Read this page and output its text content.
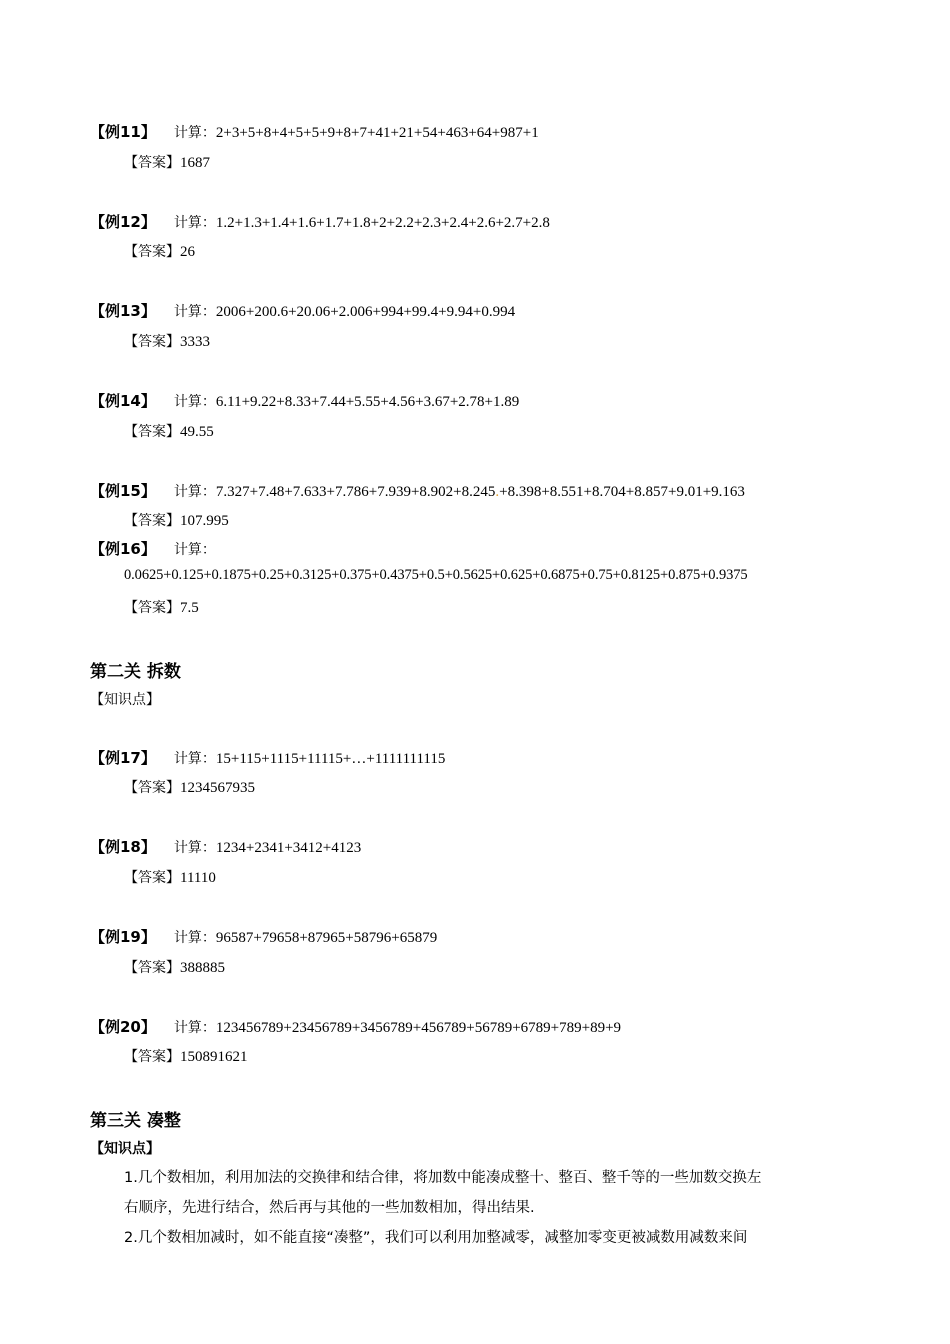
【例11】 计算：2+3+5+8+4+5+5+9+8+7+41+21+54+463+64+987+1
【答案】1687
【例12】 计算：1.2+1.3+1.4+1.6+1.7+1.8+2+2.2+2.3+2.4+2.6+2.7+2.8
【答案】26
【例13】 计算：2006+200.6+20.06+2.006+994+99.4+9.94+0.994
【答案】3333
【例14】 计算：6.11+9.22+8.33+7.44+5.55+4.56+3.67+2.78+1.89
【答案】49.55
【例15】 计算：7.327+7.48+7.633+7.786+7.939+8.902+8.245.+8.398+8.551+8.704+8.857+9.01+9.163
【答案】107.995
【例16】 计算：
0.0625+0.125+0.1875+0.25+0.3125+0.375+0.4375+0.5+0.5625+0.625+0.6875+0.75+0.8125+0.875+0.9375
【答案】7.5
第二关 拆数
【知识点】
【例17】 计算：15+115+1115+11115+…+1111111115
【答案】1234567935
【例18】 计算：1234+2341+3412+4123
【答案】11110
【例19】 计算：96587+79658+87965+58796+65879
【答案】388885
【例20】 计算：123456789+23456789+3456789+456789+56789+6789+789+89+9
【答案】150891621
第三关 凑整
【知识点】
1.几个数相加，利用加法的交换律和结合律，将加数中能凑成整十、整百、整千等的一些加数交换左
右顺序，先进行结合，然后再与其他的一些加数相加，得出结果.
2.几个数相加减时，如不能直接“凑整”，我们可以利用加整减零，减整加零变更被减数用减数来间
